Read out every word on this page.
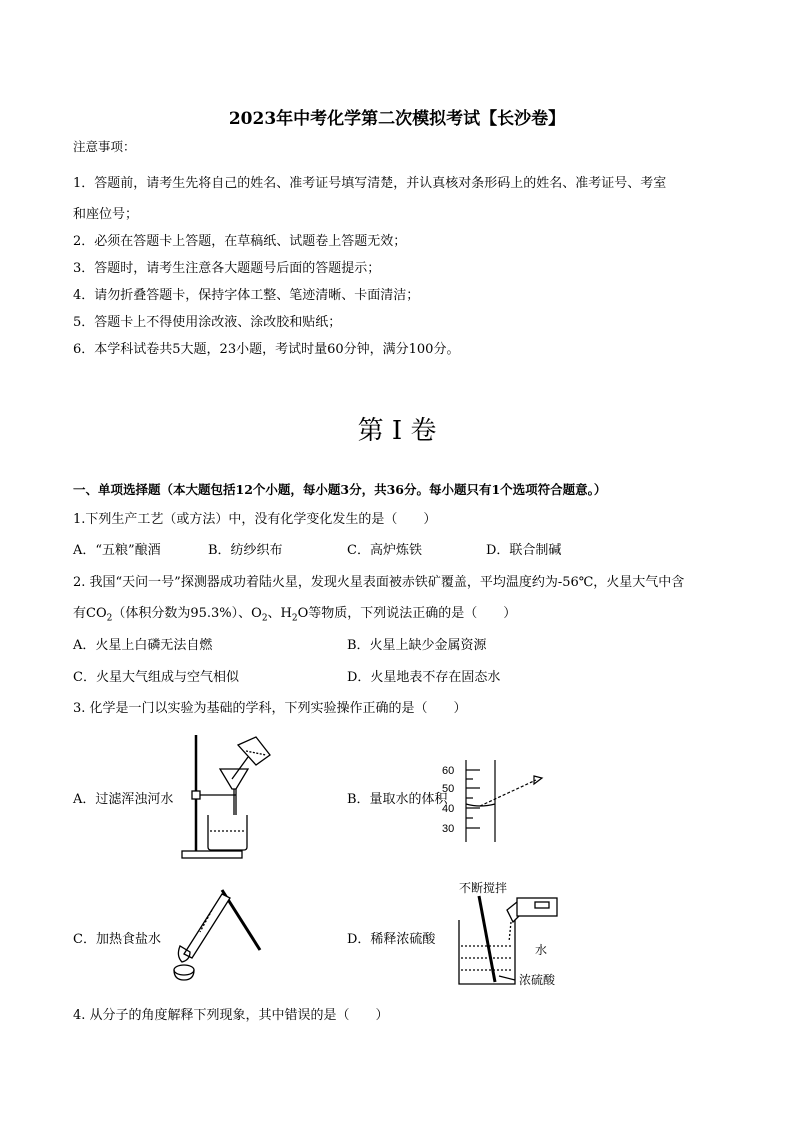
2023年中考化学第二次模拟考试【长沙卷】
注意事项：
1．答题前，请考生先将自己的姓名、准考证号填写清楚，并认真核对条形码上的姓名、准考证号、考室
和座位号；
2．必须在答题卡上答题，在草稿纸、试题卷上答题无效；
3．答题时，请考生注意各大题题号后面的答题提示；
4．请勿折叠答题卡，保持字体工整、笔迹清晰、卡面清洁；
5．答题卡上不得使用涂改液、涂改胶和贴纸；
6．本学科试卷共5大题，23小题，考试时量60分钟，满分100分。
第 I 卷
一、单项选择题（本大题包括12个小题，每小题3分，共36分。每小题只有1个选项符合题意。）
1.下列生产工艺（或方法）中，没有化学变化发生的是（　　）
A．“五粮”酿酒	B．纺纱织布	C．高炉炼铁	D．联合制碱
2. 我国“天问一号”探测器成功着陆火星，发现火星表面被赤铁矿覆盖，平均温度约为-56℃，火星大气中含
有$CO_2$（体积分数为95.3%）、$O_2$、$H_2O$等物质，下列说法正确的是（　　）
A．火星上白磷无法自燃	B．火星上缺少金属资源
C．火星大气组成与空气相似	D．火星地表不存在固态水
3. 化学是一门以实验为基础的学科，下列实验操作正确的是（　　）
A．过滤浑浊河水	B．量取水的体积
C．加热食盐水	D．稀释浓硫酸
60
50
40
30
不断搅拌
水
浓硫酸
4. 从分子的角度解释下列现象，其中错误的是（　　）
